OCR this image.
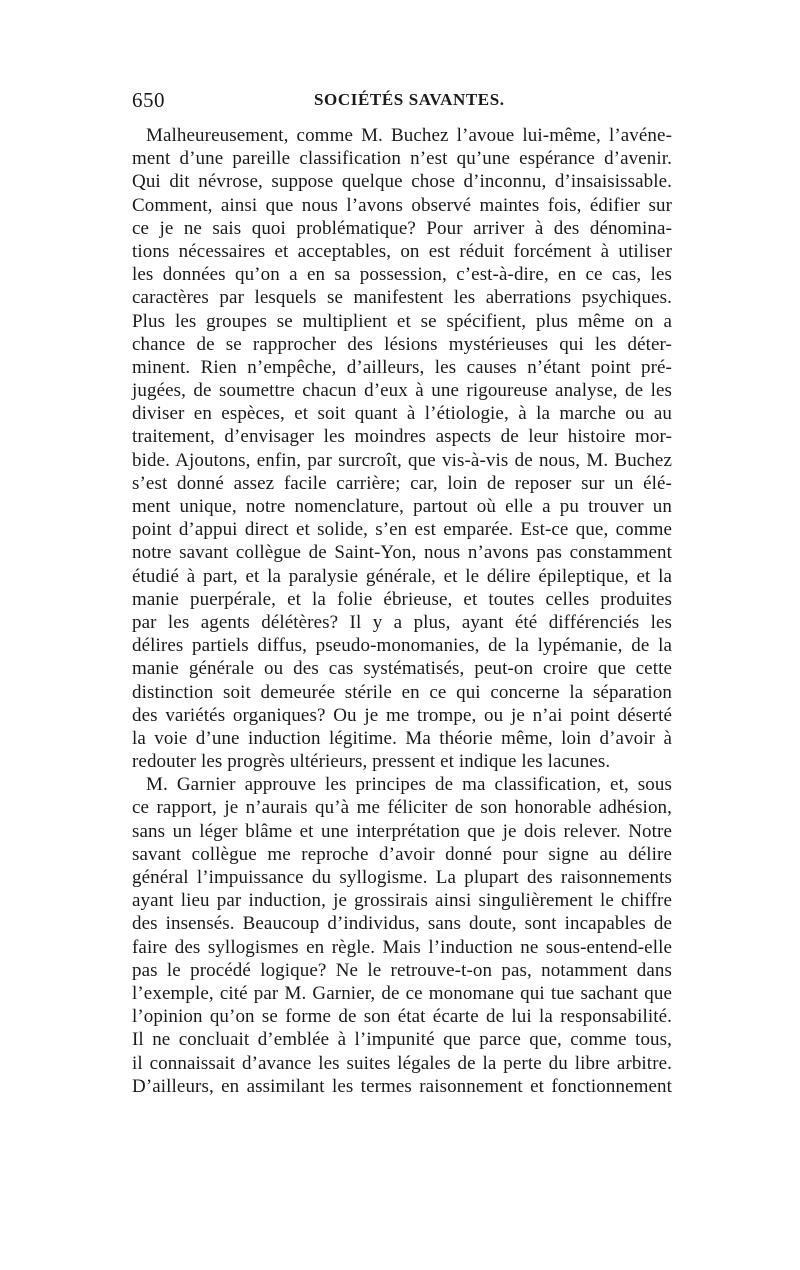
650	SOCIÉTÉS SAVANTES.
Malheureusement, comme M. Buchez l’avoue lui-même, l’avéne-
ment d’une pareille classification n’est qu’une espérance d’avenir.
Qui dit névrose, suppose quelque chose d’inconnu, d’insaisissable.
Comment, ainsi que nous l’avons observé maintes fois, édifier sur
ce je ne sais quoi problématique? Pour arriver à des dénomina-
tions nécessaires et acceptables, on est réduit forcément à utiliser
les données qu’on a en sa possession, c’est-à-dire, en ce cas, les
caractères par lesquels se manifestent les aberrations psychiques.
Plus les groupes se multiplient et se spécifient, plus même on a
chance de se rapprocher des lésions mystérieuses qui les déter-
minent. Rien n’empêche, d’ailleurs, les causes n’étant point pré-
jugées, de soumettre chacun d’eux à une rigoureuse analyse, de les
diviser en espèces, et soit quant à l’étiologie, à la marche ou au
traitement, d’envisager les moindres aspects de leur histoire mor-
bide. Ajoutons, enfin, par surcroît, que vis-à-vis de nous, M. Buchez
s’est donné assez facile carrière; car, loin de reposer sur un élé-
ment unique, notre nomenclature, partout où elle a pu trouver un
point d’appui direct et solide, s’en est emparée. Est-ce que, comme
notre savant collègue de Saint-Yon, nous n’avons pas constamment
étudié à part, et la paralysie générale, et le délire épileptique, et la
manie puerpérale, et la folie ébrieuse, et toutes celles produites
par les agents délétères? Il y a plus, ayant été différenciés les
délires partiels diffus, pseudo-monomanies, de la lypémanie, de la
manie générale ou des cas systématisés, peut-on croire que cette
distinction soit demeurée stérile en ce qui concerne la séparation
des variétés organiques? Ou je me trompe, ou je n’ai point déserté
la voie d’une induction légitime. Ma théorie même, loin d’avoir à
redouter les progrès ultérieurs, pressent et indique les lacunes.
M. Garnier approuve les principes de ma classification, et, sous
ce rapport, je n’aurais qu’à me féliciter de son honorable adhésion,
sans un léger blâme et une interprétation que je dois relever. Notre
savant collègue me reproche d’avoir donné pour signe au délire
général l’impuissance du syllogisme. La plupart des raisonnements
ayant lieu par induction, je grossirais ainsi singulièrement le chiffre
des insensés. Beaucoup d’individus, sans doute, sont incapables de
faire des syllogismes en règle. Mais l’induction ne sous-entend-elle
pas le procédé logique? Ne le retrouve-t-on pas, notamment dans
l’exemple, cité par M. Garnier, de ce monomane qui tue sachant que
l’opinion qu’on se forme de son état écarte de lui la responsabilité.
Il ne concluait d’emblée à l’impunité que parce que, comme tous,
il connaissait d’avance les suites légales de la perte du libre arbitre.
D’ailleurs, en assimilant les termes raisonnement et fonctionnement
